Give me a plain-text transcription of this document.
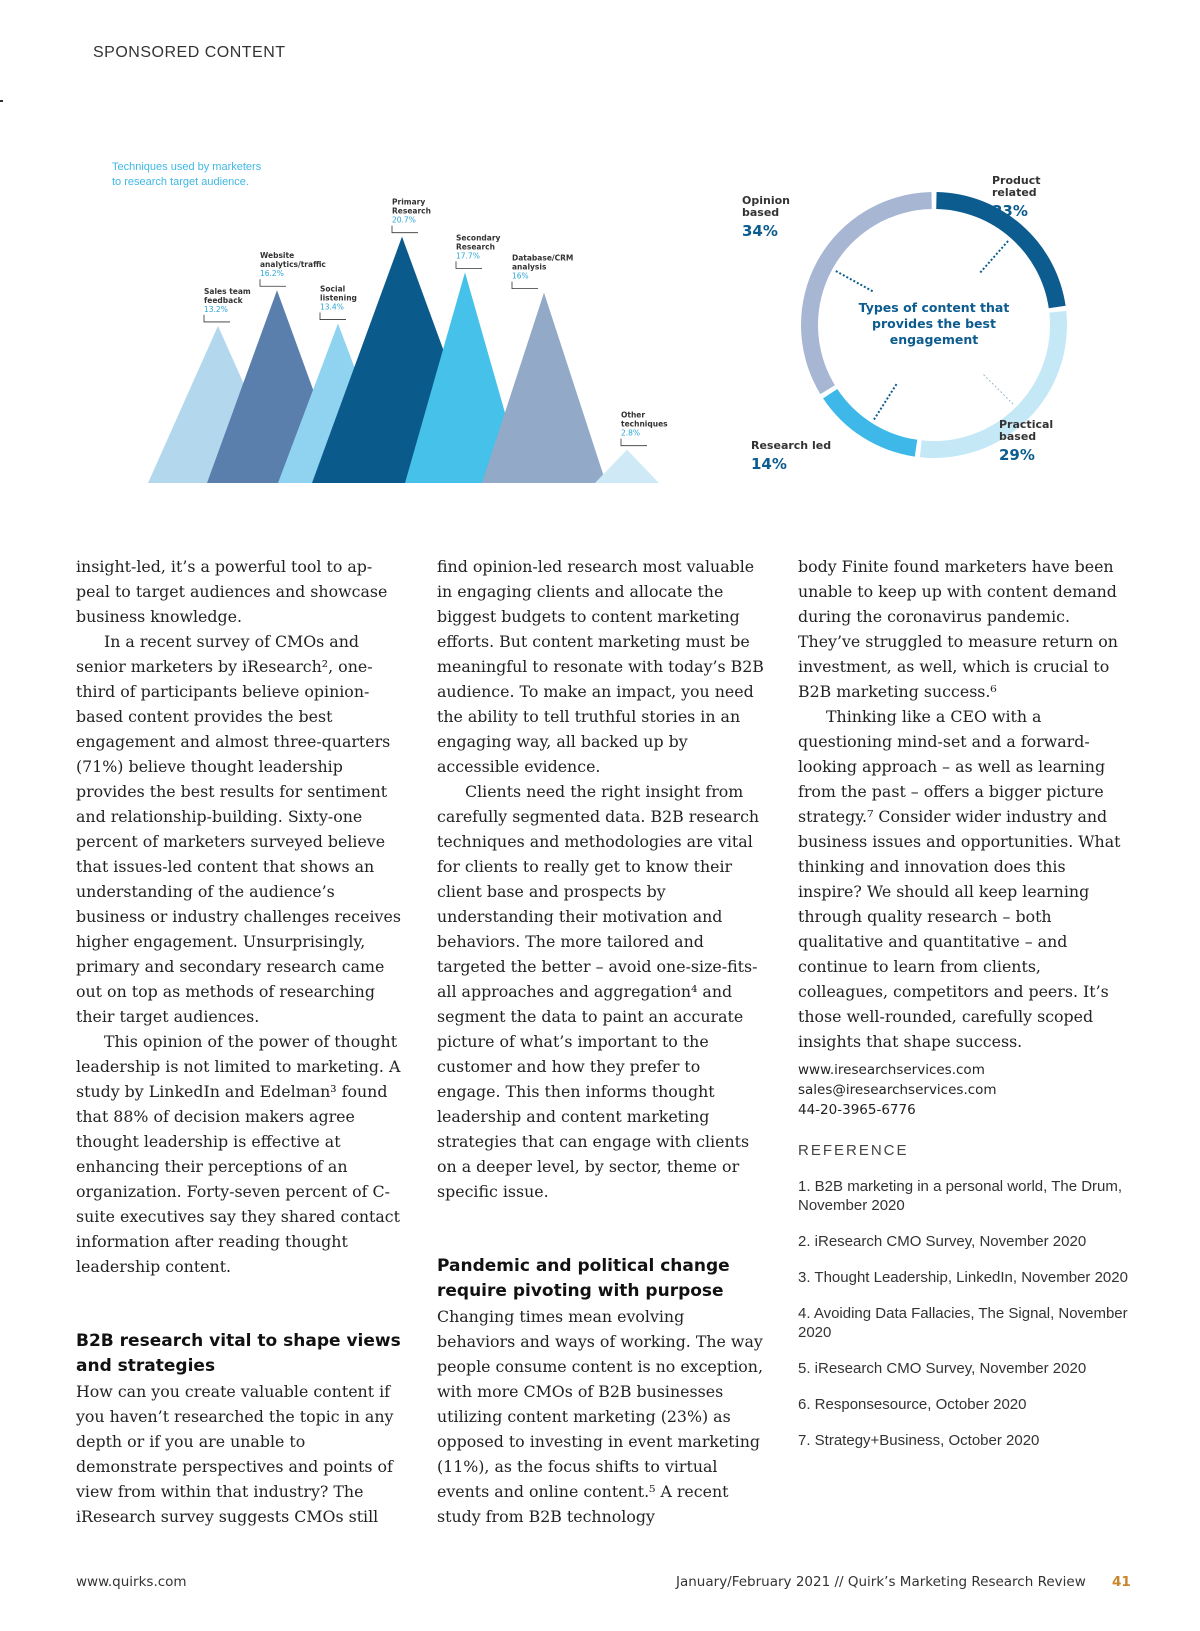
SPONSORED CONTENT
Techniques used by marketers
to research target audience.
Sales team
feedback
13.2%
Website
analytics/traffic
16.2%
Social
listening
13.4%
Primary
Research
20.7%
Secondary
Research
17.7%	Database/CRM
analysis
16%
Other
techniques
2.8%
Product
related
23%
Practical
based
29%
Research led
14%
Opinion
based
34%
Types of content that
provides the best
engagement

insight-led, it’s a powerful tool to ap-peal to target audiences and showcase business knowledge.

In a recent survey of CMOs and senior marketers by iResearch², one-third of participants believe opinion-based content provides the best engagement and almost three-quarters (71%) believe thought leadership provides the best results for sentiment and relationship-building. Sixty-one percent of marketers surveyed believe that issues-led content that shows an understanding of the audience’s business or industry challenges receives higher engagement. Unsurprisingly, primary and secondary research came out on top as methods of researching their target audiences.

This opinion of the power of thought leadership is not limited to marketing. A study by LinkedIn and Edelman³ found that 88% of decision makers agree thought leadership is effective at enhancing their perceptions of an organization. Forty-seven percent of C-suite executives say they shared contact information after reading thought leadership content.

B2B research vital to shape views and strategies

How can you create valuable content if you haven’t researched the topic in any depth or if you are unable to demonstrate perspectives and points of view from within that industry? The iResearch survey suggests CMOs still

find opinion-led research most valuable in engaging clients and allocate the biggest budgets to content marketing efforts. But content marketing must be meaningful to resonate with today’s B2B audience. To make an impact, you need the ability to tell truthful stories in an engaging way, all backed up by accessible evidence.

Clients need the right insight from carefully segmented data. B2B research techniques and methodologies are vital for clients to really get to know their client base and prospects by understanding their motivation and behaviors. The more tailored and targeted the better – avoid one-size-fits-all approaches and aggregation⁴ and segment the data to paint an accurate picture of what’s important to the customer and how they prefer to engage. This then informs thought leadership and content marketing strategies that can engage with clients on a deeper level, by sector, theme or specific issue.

Pandemic and political change require pivoting with purpose

Changing times mean evolving behaviors and ways of working. The way people consume content is no exception, with more CMOs of B2B businesses utilizing content marketing (23%) as opposed to investing in event marketing (11%), as the focus shifts to virtual events and online content.⁵ A recent study from B2B technology

body Finite found marketers have been unable to keep up with content demand during the coronavirus pandemic. They’ve struggled to measure return on investment, as well, which is crucial to B2B marketing success.⁶

Thinking like a CEO with a questioning mind-set and a forward-looking approach – as well as learning from the past – offers a bigger picture strategy.⁷ Consider wider industry and business issues and opportunities. What thinking and innovation does this inspire? We should all keep learning through quality research – both qualitative and quantitative – and continue to learn from clients, colleagues, competitors and peers. It’s those well-rounded, carefully scoped insights that shape success.

www.iresearchservices.com
sales@iresearchservices.com
44-20-3965-6776
REFERENCE
1. B2B marketing in a personal world, The Drum, November 2020
2. iResearch CMO Survey, November 2020
3. Thought Leadership, LinkedIn, November 2020
4. Avoiding Data Fallacies, The Signal, November 2020
5. iResearch CMO Survey, November 2020
6. Responsesource, October 2020
7. Strategy+Business, October 2020
www.quirks.com	January/February 2021 // Quirk’s Marketing Research Review 41
